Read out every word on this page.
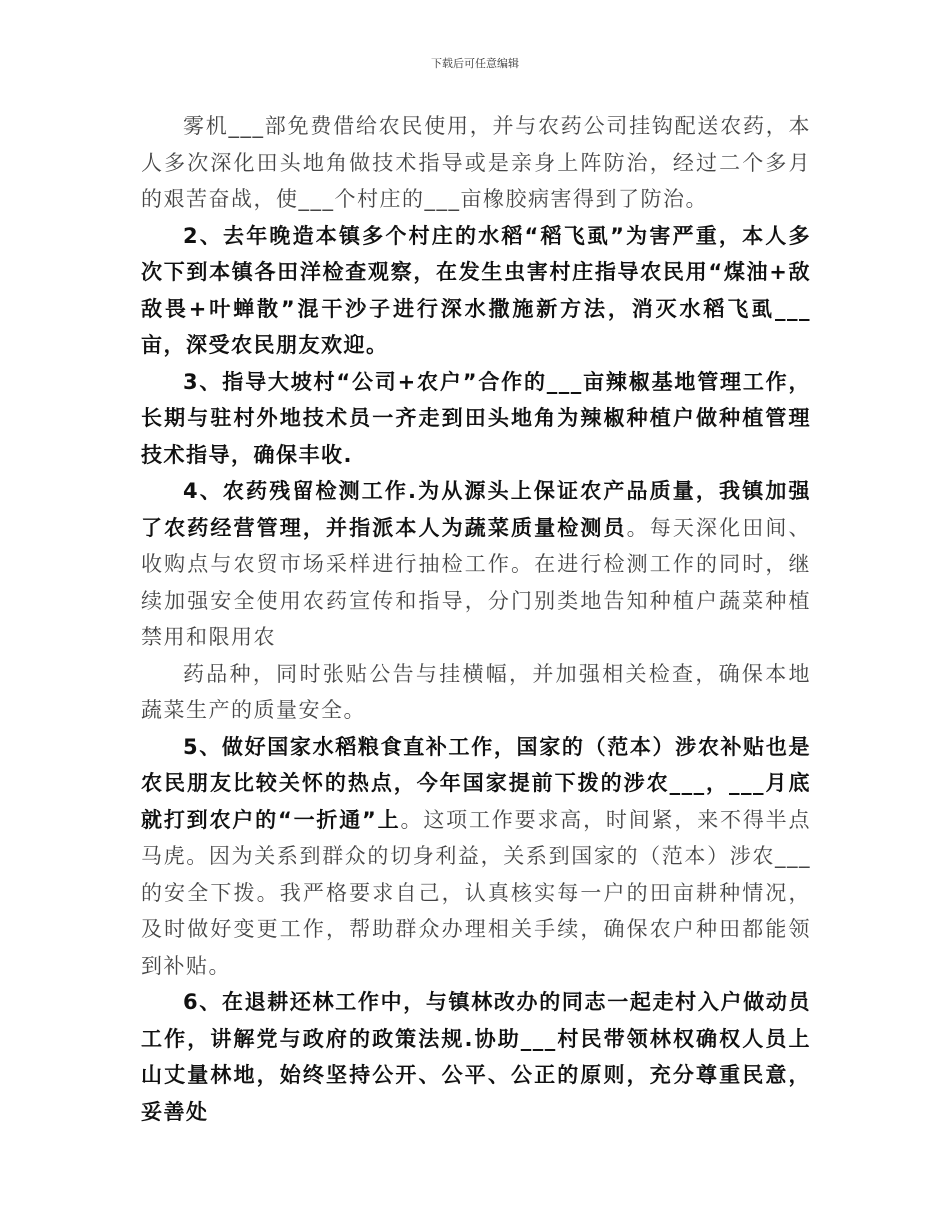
下载后可任意编辑

雾机___部免费借给农民使用，并与农药公司挂钩配送农药，本人多次深化田头地角做技术指导或是亲身上阵防治，经过二个多月的艰苦奋战，使___个村庄的___亩橡胶病害得到了防治。

2、去年晚造本镇多个村庄的水稻“稻飞虱”为害严重，本人多次下到本镇各田洋检查观察，在发生虫害村庄指导农民用“煤油+敌敌畏+叶蝉散”混干沙子进行深水撒施新方法，消灭水稻飞虱___亩，深受农民朋友欢迎。

3、指导大坡村“公司+农户”合作的___亩辣椒基地管理工作，长期与驻村外地技术员一齐走到田头地角为辣椒种植户做种植管理技术指导，确保丰收.

4、农药残留检测工作.为从源头上保证农产品质量，我镇加强了农药经营管理，并指派本人为蔬菜质量检测员。每天深化田间、收购点与农贸市场采样进行抽检工作。在进行检测工作的同时，继续加强安全使用农药宣传和指导，分门别类地告知种植户蔬菜种植禁用和限用农

药品种，同时张贴公告与挂横幅，并加强相关检查，确保本地蔬菜生产的质量安全。

5、做好国家水稻粮食直补工作，国家的（范本）涉农补贴也是农民朋友比较关怀的热点，今年国家提前下拨的涉农___，___月底就打到农户的“一折通”上。这项工作要求高，时间紧，来不得半点马虎。因为关系到群众的切身利益，关系到国家的（范本）涉农___的安全下拨。我严格要求自己，认真核实每一户的田亩耕种情况，及时做好变更工作，帮助群众办理相关手续，确保农户种田都能领到补贴。

6、在退耕还林工作中，与镇林改办的同志一起走村入户做动员工作，讲解党与政府的政策法规.协助___村民带领林权确权人员上山丈量林地，始终坚持公开、公平、公正的原则，充分尊重民意，妥善处
